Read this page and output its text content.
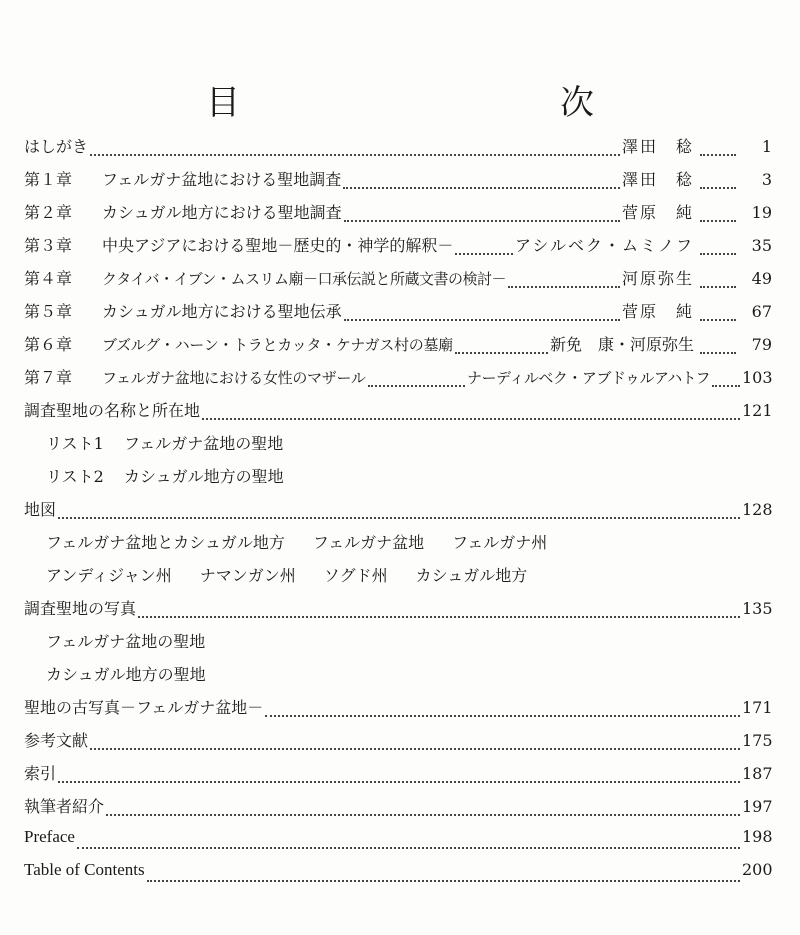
目　　次
はしがき	澤田　稔	1
第１章	フェルガナ盆地における聖地調査	澤田　稔	3
第２章	カシュガル地方における聖地調査	菅原　純	19
第３章	中央アジアにおける聖地－歴史的・神学的解釈－	アシルベク・ムミノフ	35
第４章	クタイバ・イブン・ムスリム廟－口承伝説と所蔵文書の検討－	河原弥生	49
第５章	カシュガル地方における聖地伝承	菅原　純	67
第６章	ブズルグ・ハーン・トラとカッタ・ケナガス村の墓廟	新免　康・河原弥生	79
第７章	フェルガナ盆地における女性のマザール	ナーディルベク・アブドゥルアハトフ 103
調査聖地の名称と所在地	121
リスト1	フェルガナ盆地の聖地
リスト2	カシュガル地方の聖地
地図	128
フェルガナ盆地とカシュガル地方 フェルガナ盆地 フェルガナ州
アンディジャン州 ナマンガン州 ソグド州 カシュガル地方
調査聖地の写真	135
フェルガナ盆地の聖地
カシュガル地方の聖地
聖地の古写真－フェルガナ盆地－	171
参考文献	175
索引	187
執筆者紹介	197
Preface	198
Table of Contents	200
